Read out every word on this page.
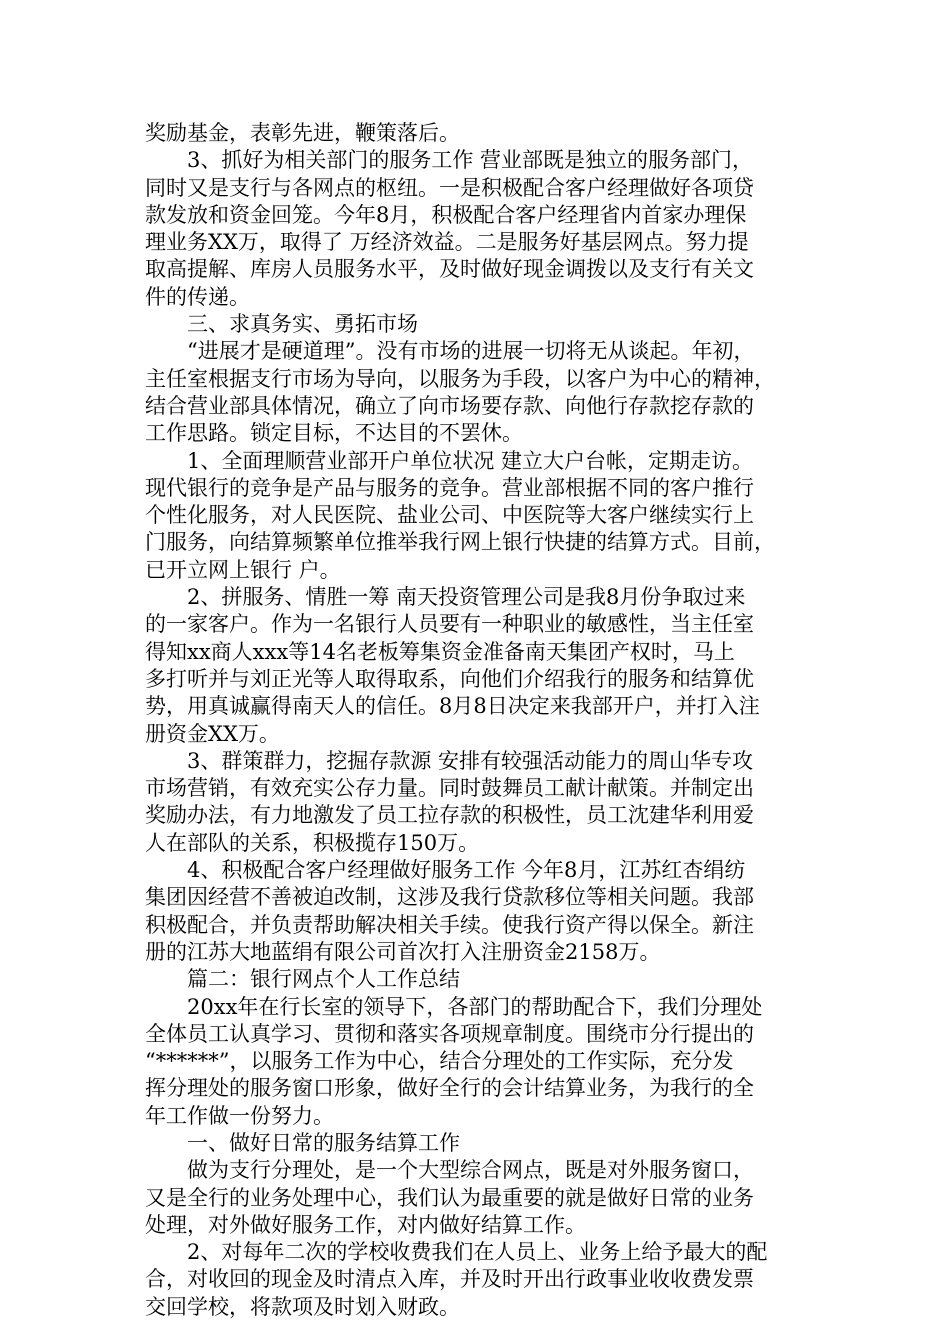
奖励基金，表彰先进，鞭策落后。
3、抓好为相关部门的服务工作 营业部既是独立的服务部门，
同时又是支行与各网点的枢纽。一是积极配合客户经理做好各项贷
款发放和资金回笼。今年8月，积极配合客户经理省内首家办理保
理业务XX万，取得了 万经济效益。二是服务好基层网点。努力提
取高提解、库房人员服务水平，及时做好现金调拨以及支行有关文
件的传递。
三、求真务实、勇拓市场
“进展才是硬道理”。没有市场的进展一切将无从谈起。年初，
主任室根据支行市场为导向，以服务为手段，以客户为中心的精神，
结合营业部具体情况，确立了向市场要存款、向他行存款挖存款的
工作思路。锁定目标，不达目的不罢休。
1、全面理顺营业部开户单位状况 建立大户台帐，定期走访。
现代银行的竞争是产品与服务的竞争。营业部根据不同的客户推行
个性化服务，对人民医院、盐业公司、中医院等大客户继续实行上
门服务，向结算频繁单位推举我行网上银行快捷的结算方式。目前，
已开立网上银行 户。
2、拼服务、情胜一筹 南天投资管理公司是我8月份争取过来
的一家客户。作为一名银行人员要有一种职业的敏感性，当主任室
得知xx商人xxx等14名老板筹集资金准备南天集团产权时，马上
多打听并与刘正光等人取得取系，向他们介绍我行的服务和结算优
势，用真诚赢得南天人的信任。8月8日决定来我部开户，并打入注
册资金XX万。
3、群策群力，挖掘存款源 安排有较强活动能力的周山华专攻
市场营销，有效充实公存力量。同时鼓舞员工献计献策。并制定出
奖励办法，有力地激发了员工拉存款的积极性，员工沈建华利用爱
人在部队的关系，积极揽存150万。
4、积极配合客户经理做好服务工作 今年8月，江苏红杏绢纺
集团因经营不善被迫改制，这涉及我行贷款移位等相关问题。我部
积极配合，并负责帮助解决相关手续。使我行资产得以保全。新注
册的江苏大地蓝绢有限公司首次打入注册资金2158万。
篇二：银行网点个人工作总结
20xx年在行长室的领导下，各部门的帮助配合下，我们分理处
全体员工认真学习、贯彻和落实各项规章制度。围绕市分行提出的
“******”，以服务工作为中心，结合分理处的工作实际，充分发
挥分理处的服务窗口形象，做好全行的会计结算业务，为我行的全
年工作做一份努力。
一、做好日常的服务结算工作
做为支行分理处，是一个大型综合网点，既是对外服务窗口，
又是全行的业务处理中心，我们认为最重要的就是做好日常的业务
处理，对外做好服务工作，对内做好结算工作。
2、对每年二次的学校收费我们在人员上、业务上给予最大的配
合，对收回的现金及时清点入库，并及时开出行政事业收收费发票
交回学校，将款项及时划入财政。
